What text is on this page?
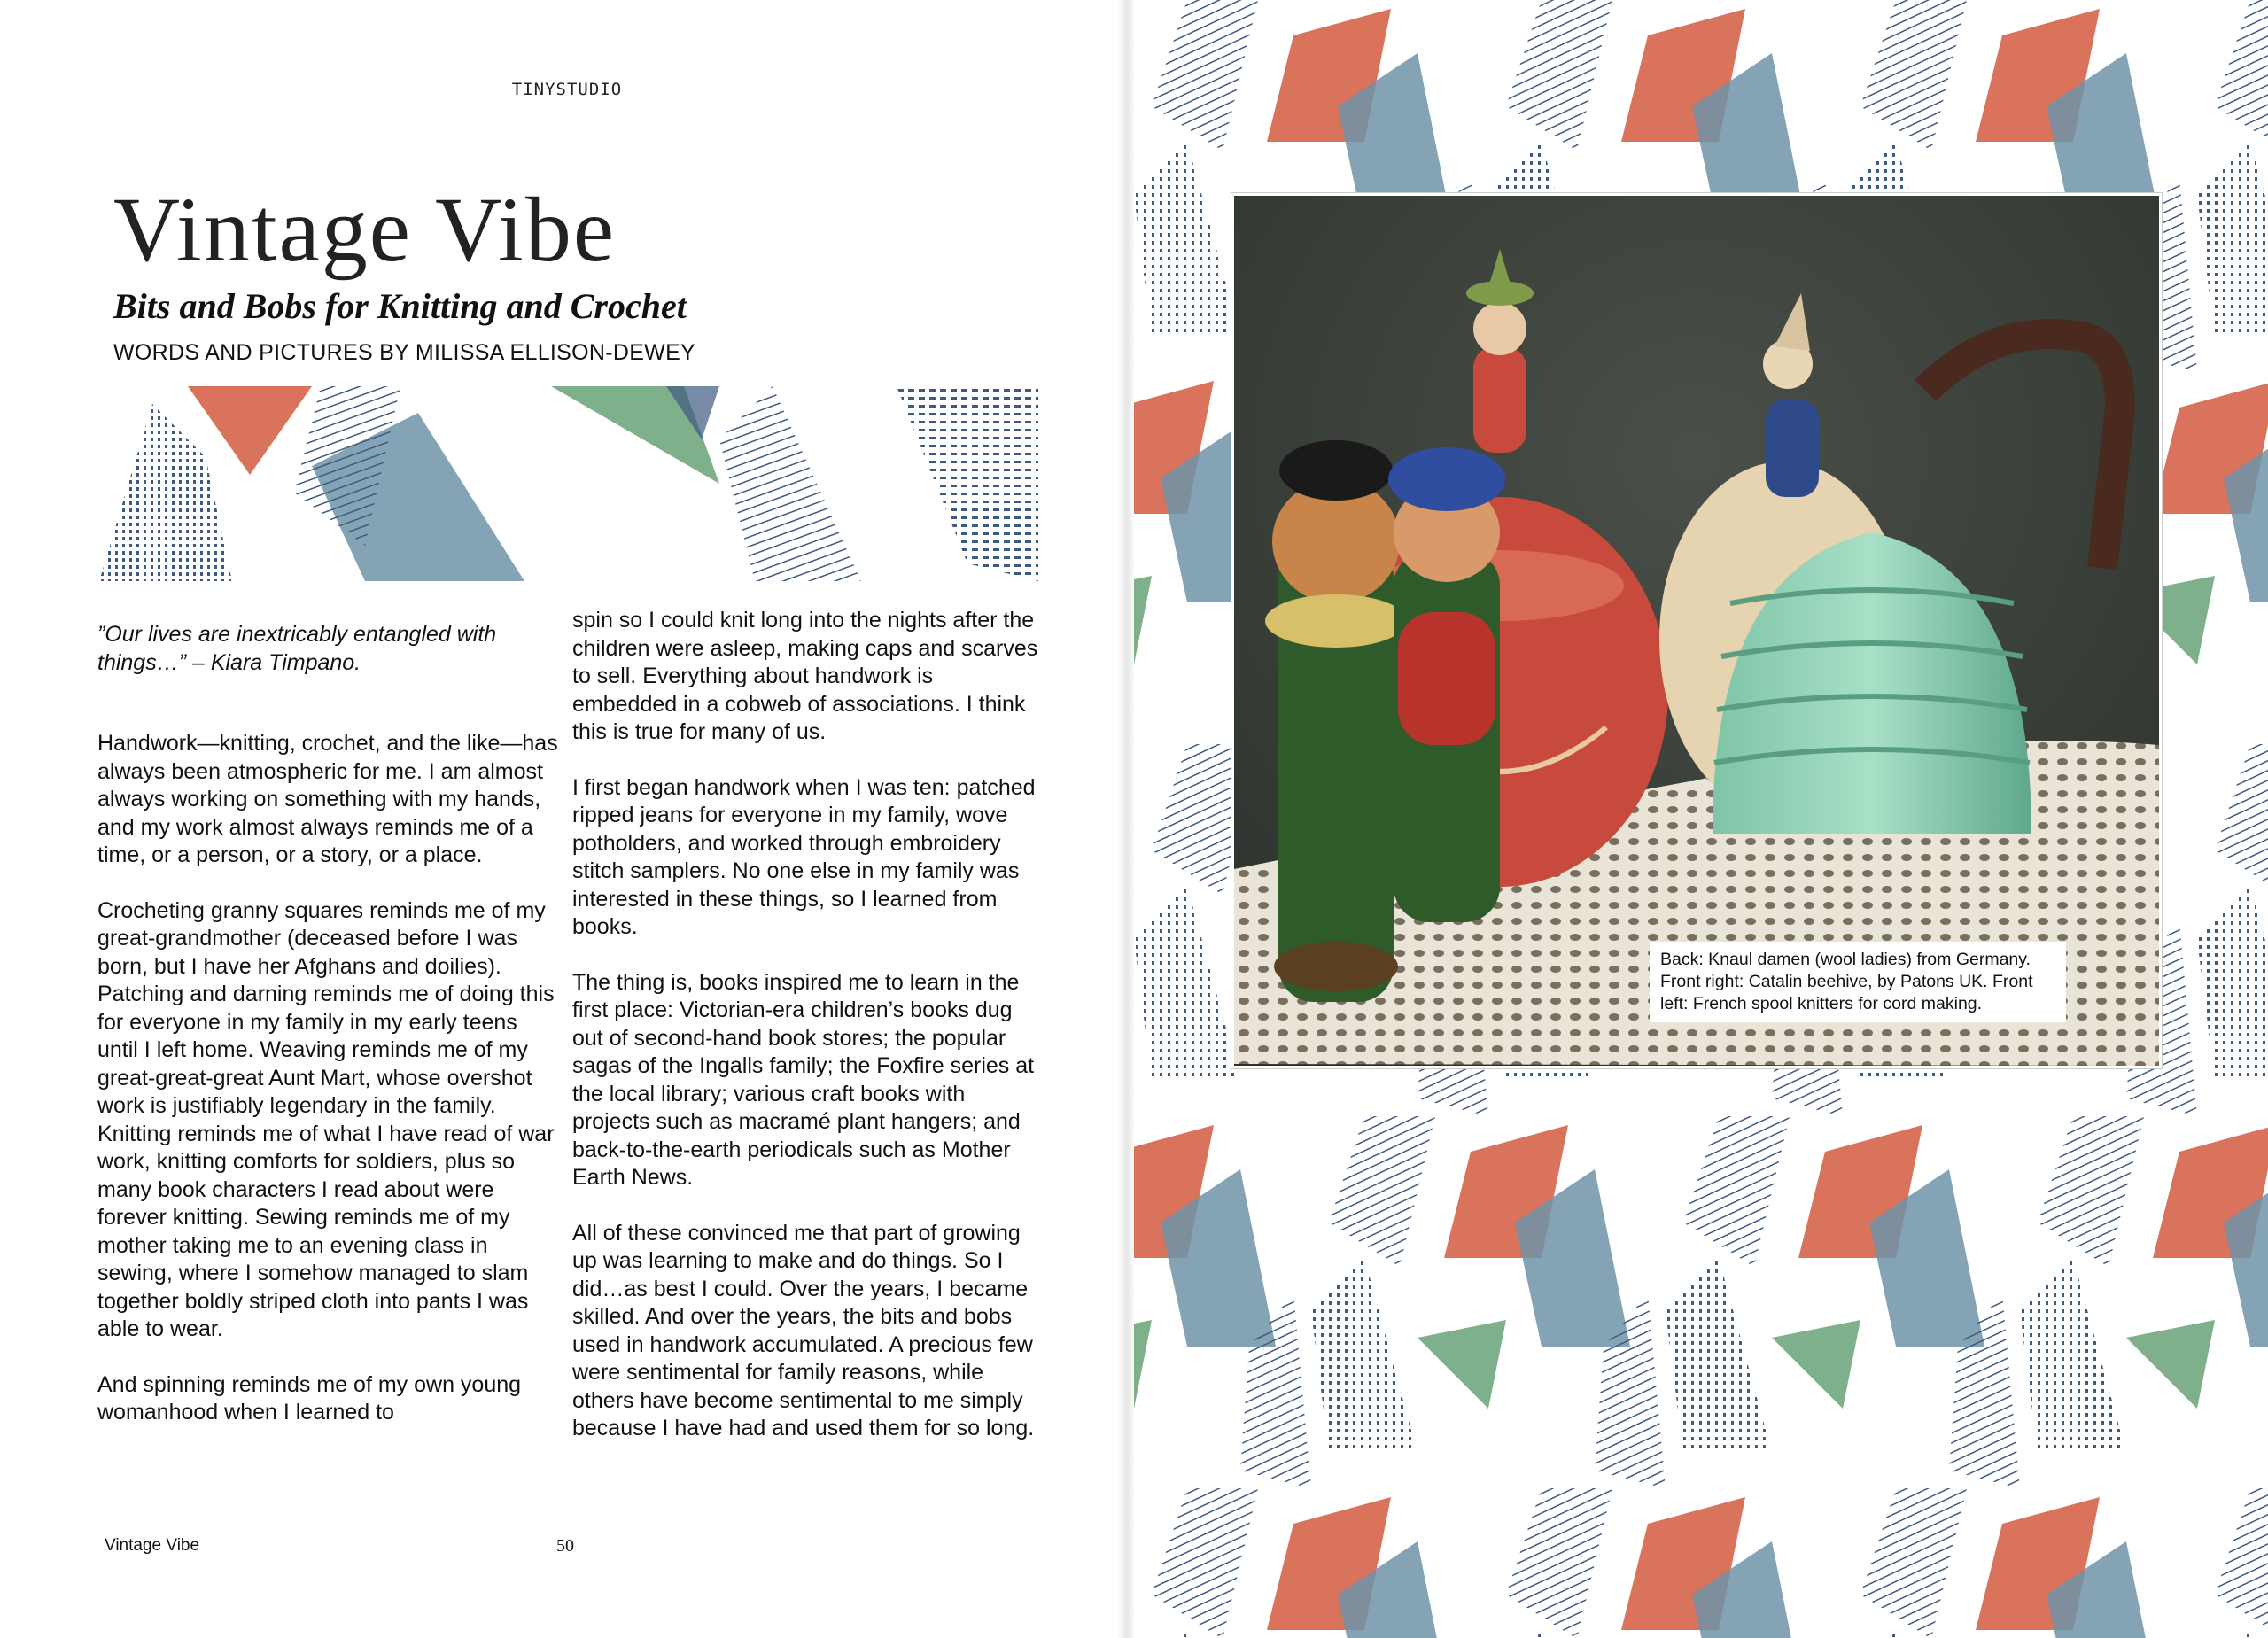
TINYSTUDIO
Vintage Vibe
Bits and Bobs for Knitting and Crochet
WORDS AND PICTURES BY MILISSA ELLISON-DEWEY

”Our lives are inextricably entangled with things…” – Kiara Timpano.

Handwork—knitting, crochet, and the like—has always been atmospheric for me. I am almost always working on something with my hands, and my work almost always reminds me of a time, or a person, or a story, or a place.

Crocheting granny squares reminds me of my great-grandmother (deceased before I was born, but I have her Afghans and doilies). Patching and darning reminds me of doing this for everyone in my family in my early teens until I left home. Weaving reminds me of my great-great-great Aunt Mart, whose overshot work is justifiably legendary in the family. Knitting reminds me of what I have read of war work, knitting comforts for soldiers, plus so many book characters I read about were forever knitting. Sewing reminds me of my mother taking me to an evening class in sewing, where I somehow managed to slam together boldly striped cloth into pants I was able to wear.

And spinning reminds me of my own young womanhood when I learned to

spin so I could knit long into the nights after the children were asleep, making caps and scarves to sell. Everything about handwork is embedded in a cobweb of associations. I think this is true for many of us.

I first began handwork when I was ten: patched ripped jeans for everyone in my family, wove potholders, and worked through embroidery stitch samplers. No one else in my family was interested in these things, so I learned from books.

The thing is, books inspired me to learn in the first place: Victorian-era children’s books dug out of second-hand book stores; the popular sagas of the Ingalls family; the Foxfire series at the local library; various craft books with projects such as macramé plant hangers; and back-to-the-earth periodicals such as Mother Earth News.

All of these convinced me that part of growing up was learning to make and do things. So I did…as best I could. Over the years, I became skilled. And over the years, the bits and bobs used in handwork accumulated. A precious few were sentimental for family reasons, while others have become sentimental to me simply because I have had and used them for so long.

Vintage Vibe	50
Back: Knaul damen (wool ladies) from Germany. Front right: Catalin beehive, by Patons UK. Front left: French spool knitters for cord making.
